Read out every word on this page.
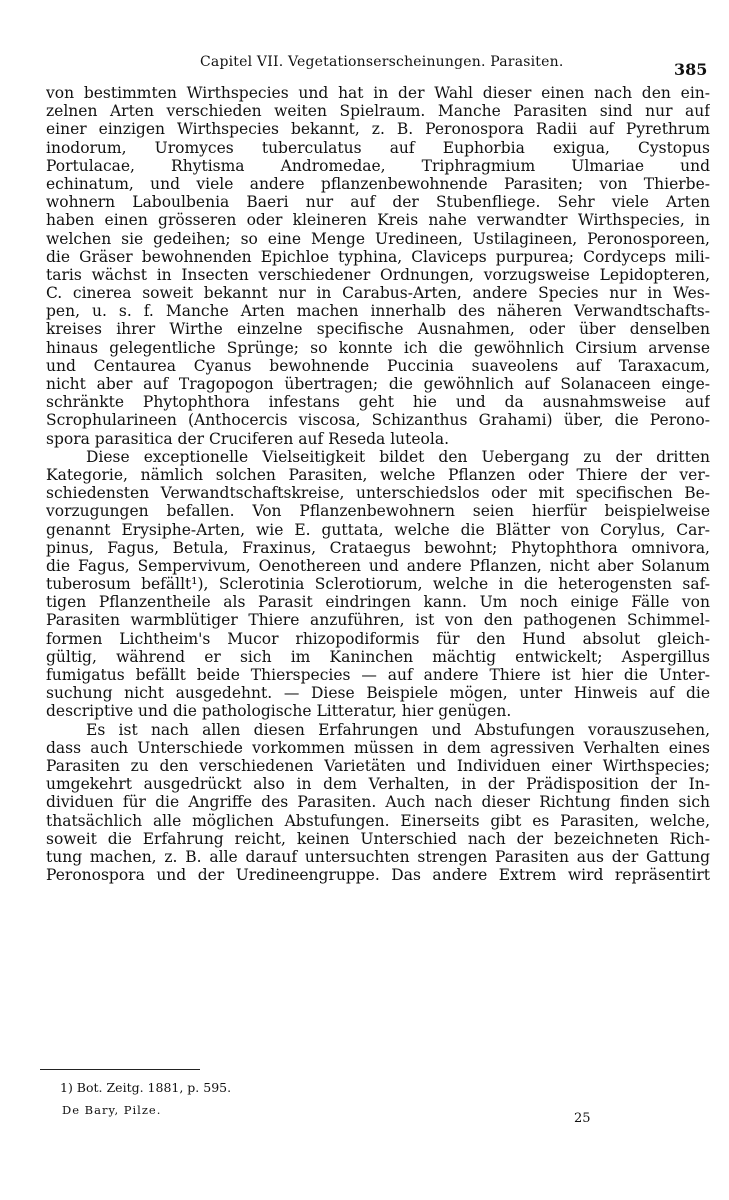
Capitel VII. Vegetationserscheinungen. Parasiten.	385
von bestimmten Wirthspecies und hat in der Wahl dieser einen nach den ein-
zelnen Arten verschieden weiten Spielraum. Manche Parasiten sind nur auf
einer einzigen Wirthspecies bekannt, z. B. Peronospora Radii auf Pyrethrum
inodorum, Uromyces tuberculatus auf Euphorbia exigua, Cystopus
Portulacae, Rhytisma Andromedae, Triphragmium Ulmariae und
echinatum, und viele andere pflanzenbewohnende Parasiten; von Thierbe-
wohnern Laboulbenia Baeri nur auf der Stubenfliege. Sehr viele Arten
haben einen grösseren oder kleineren Kreis nahe verwandter Wirthspecies, in
welchen sie gedeihen; so eine Menge Uredineen, Ustilagineen, Peronosporeen,
die Gräser bewohnenden Epichloe typhina, Claviceps purpurea; Cordyceps mili-
taris wächst in Insecten verschiedener Ordnungen, vorzugsweise Lepidopteren,
C. cinerea soweit bekannt nur in Carabus-Arten, andere Species nur in Wes-
pen, u. s. f. Manche Arten machen innerhalb des näheren Verwandtschafts-
kreises ihrer Wirthe einzelne specifische Ausnahmen, oder über denselben
hinaus gelegentliche Sprünge; so konnte ich die gewöhnlich Cirsium arvense
und Centaurea Cyanus bewohnende Puccinia suaveolens auf Taraxacum,
nicht aber auf Tragopogon übertragen; die gewöhnlich auf Solanaceen einge-
schränkte Phytophthora infestans geht hie und da ausnahmsweise auf
Scrophularineen (Anthocercis viscosa, Schizanthus Grahami) über, die Perono-
spora parasitica der Cruciferen auf Reseda luteola.
Diese exceptionelle Vielseitigkeit bildet den Uebergang zu der dritten
Kategorie, nämlich solchen Parasiten, welche Pflanzen oder Thiere der ver-
schiedensten Verwandtschaftskreise, unterschiedslos oder mit specifischen Be-
vorzugungen befallen. Von Pflanzenbewohnern seien hierfür beispielweise
genannt Erysiphe-Arten, wie E. guttata, welche die Blätter von Corylus, Car-
pinus, Fagus, Betula, Fraxinus, Crataegus bewohnt; Phytophthora omnivora,
die Fagus, Sempervivum, Oenothereen und andere Pflanzen, nicht aber Solanum
tuberosum befällt¹), Sclerotinia Sclerotiorum, welche in die heterogensten saf-
tigen Pflanzentheile als Parasit eindringen kann. Um noch einige Fälle von
Parasiten warmblütiger Thiere anzuführen, ist von den pathogenen Schimmel-
formen Lichtheim's Mucor rhizopodiformis für den Hund absolut gleich-
gültig, während er sich im Kaninchen mächtig entwickelt; Aspergillus
fumigatus befällt beide Thierspecies — auf andere Thiere ist hier die Unter-
suchung nicht ausgedehnt. — Diese Beispiele mögen, unter Hinweis auf die
descriptive und die pathologische Litteratur, hier genügen.
Es ist nach allen diesen Erfahrungen und Abstufungen vorauszusehen,
dass auch Unterschiede vorkommen müssen in dem agressiven Verhalten eines
Parasiten zu den verschiedenen Varietäten und Individuen einer Wirthspecies;
umgekehrt ausgedrückt also in dem Verhalten, in der Prädisposition der In-
dividuen für die Angriffe des Parasiten. Auch nach dieser Richtung finden sich
thatsächlich alle möglichen Abstufungen. Einerseits gibt es Parasiten, welche,
soweit die Erfahrung reicht, keinen Unterschied nach der bezeichneten Rich-
tung machen, z. B. alle darauf untersuchten strengen Parasiten aus der Gattung
Peronospora und der Uredineengruppe. Das andere Extrem wird repräsentirt
1) Bot. Zeitg. 1881, p. 595.
De Bary, Pilze.
25
